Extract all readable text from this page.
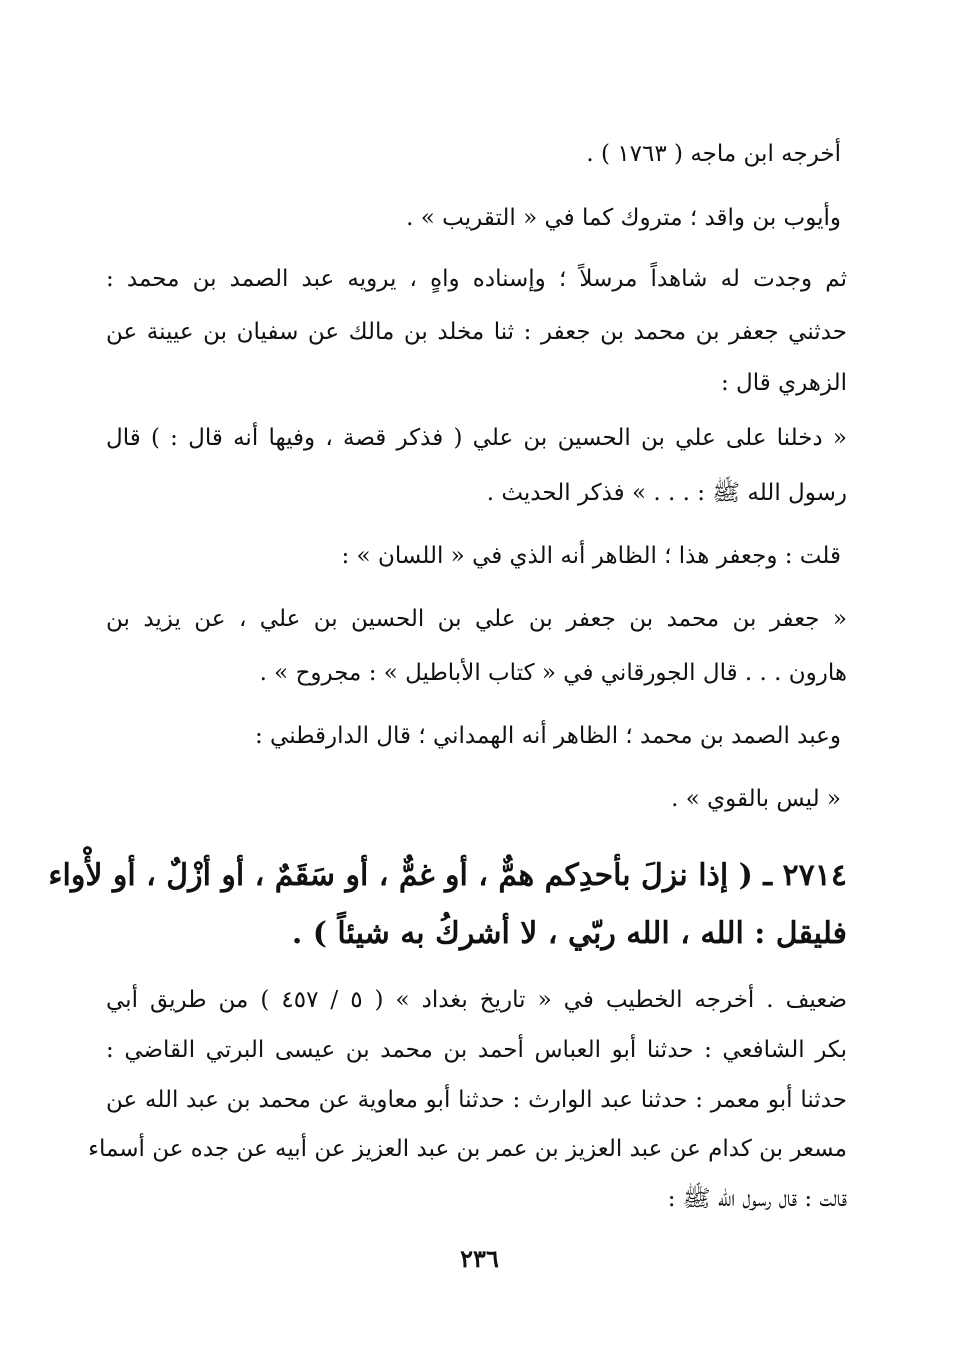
أخرجه ابن ماجه ( ١٧٦٣ ) .

وأيوب بن واقد ؛ متروك كما في « التقريب » .

ثم وجدت له شاهداً مرسلاً ؛ وإسناده واهٍ ، يرويه عبد الصمد بن محمد :

حدثني جعفر بن محمد بن جعفر : ثنا مخلد بن مالك عن سفيان بن عيينة عن

الزهري قال :

« دخلنا على علي بن الحسين بن علي ( فذكر قصة ، وفيها أنه قال : ) قال

رسول الله ﷺ : . . . » فذكر الحديث .

قلت : وجعفر هذا ؛ الظاهر أنه الذي في « اللسان » :

« جعفر بن محمد بن جعفر بن علي بن الحسين بن علي ، عن يزيد بن

هارون . . . قال الجورقاني في « كتاب الأباطيل » : مجروح » .

وعبد الصمد بن محمد ؛ الظاهر أنه الهمداني ؛ قال الدارقطني :

« ليس بالقوي » .

٢٧١٤ ـ ( إذا نزلَ بأحدِكم همٌّ ، أو غمٌّ ، أو سَقَمٌ ، أو أزْلٌ ، أو لأْواء

فليقل : الله ، الله ربّي ، لا أشركُ به شيئاً ) .

ضعيف . أخرجه الخطيب في « تاريخ بغداد » ( ٥ / ٤٥٧ ) من طريق أبي

بكر الشافعي : حدثنا أبو العباس أحمد بن محمد بن عيسى البرتي القاضي :

حدثنا أبو معمر : حدثنا عبد الوارث : حدثنا أبو معاوية عن محمد بن عبد الله عن

مسعر بن كدام عن عبد العزيز بن عمر بن عبد العزيز عن أبيه عن جده عن أسماء

قالت : قال رسول الله ﷺ :

٢٣٦
